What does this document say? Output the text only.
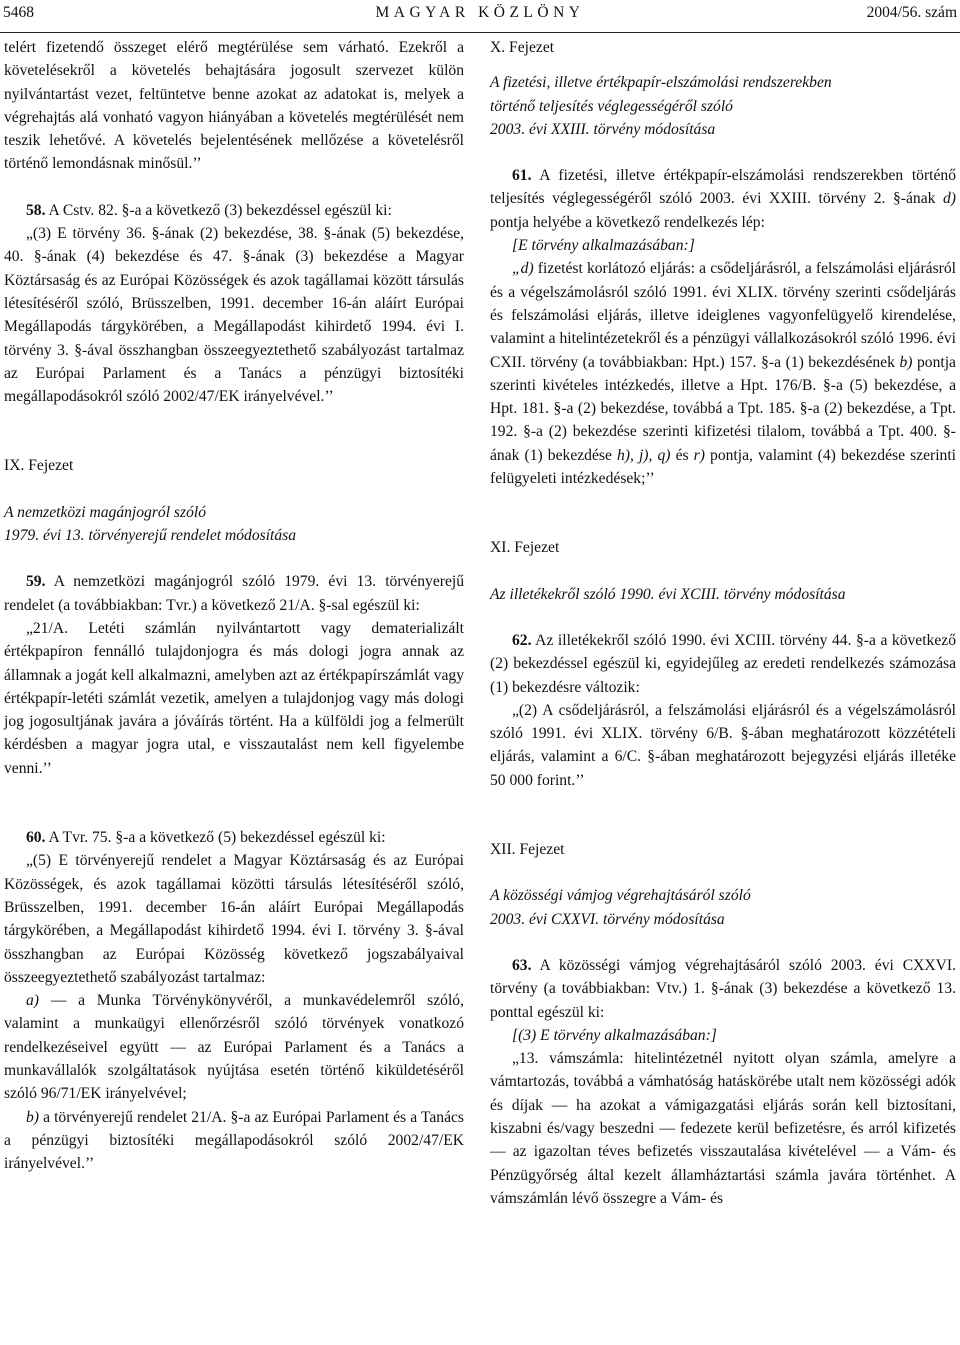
5468	MAGYAR KÖZLÖNY	2004/56. szám

telért fizetendő összeget elérő megtérülése sem várható. Ezekről a követelésekről a követelés behajtására jogosult szervezet külön nyilvántartást vezet, feltüntetve benne azokat az adatokat is, melyek a végrehajtás alá vonható vagyon hiányában a követelés megtérülését nem teszik lehetővé. A követelés bejelentésének mellőzése a követelésről történő lemondásnak minősül.’’

58. A Cstv. 82. §-a a következő (3) bekezdéssel egészül ki:

„(3) E törvény 36. §-ának (2) bekezdése, 38. §-ának (5) bekezdése, 40. §-ának (4) bekezdése és 47. §-ának (3) bekezdése a Magyar Köztársaság és az Európai Közösségek és azok tagállamai között társulás létesítéséről szóló, Brüsszelben, 1991. december 16-án aláírt Európai Megállapodás tárgykörében, a Megállapodást kihirdető 1994. évi I. törvény 3. §-ával összhangban összeegyeztethető szabályozást tartalmaz az Európai Parlament és a Tanács a pénzügyi biztosítéki megállapodásokról szóló 2002/47/EK irányelvével.’’

IX. Fejezet

A nemzetközi magánjogról szóló

1979. évi 13. törvényerejű rendelet módosítása

59. A nemzetközi magánjogról szóló 1979. évi 13. törvényerejű rendelet (a továbbiakban: Tvr.) a következő 21/A. §-sal egészül ki:

„21/A. Letéti számlán nyilvántartott vagy dematerializált értékpapíron fennálló tulajdonjogra és más dologi jogra annak az államnak a jogát kell alkalmazni, amelyben azt az értékpapírszámlát vagy értékpapír-letéti számlát vezetik, amelyen a tulajdonjog vagy más dologi jog jogosultjának javára a jóváírás történt. Ha a külföldi jog a felmerült kérdésben a magyar jogra utal, e visszautalást nem kell figyelembe venni.’’

60. A Tvr. 75. §-a a következő (5) bekezdéssel egészül ki:

„(5) E törvényerejű rendelet a Magyar Köztársaság és az Európai Közösségek, és azok tagállamai közötti társulás létesítéséről szóló, Brüsszelben, 1991. december 16-án aláírt Európai Megállapodás tárgykörében, a Megállapodást kihirdető 1994. évi I. törvény 3. §-ával összhangban az Európai Közösség következő jogszabályaival összeegyeztethető szabályozást tartalmaz:

a) — a Munka Törvénykönyvéről, a munkavédelemről szóló, valamint a munkaügyi ellenőrzésről szóló törvények vonatkozó rendelkezéseivel együtt — az Európai Parlament és a Tanács a munkavállalók szolgáltatások nyújtása esetén történő kiküldetéséről szóló 96/71/EK irányelvével;

b) a törvényerejű rendelet 21/A. §-a az Európai Parlament és a Tanács a pénzügyi biztosítéki megállapodásokról szóló 2002/47/EK irányelvével.’’

X. Fejezet

A fizetési, illetve értékpapír-elszámolási rendszerekben

történő teljesítés véglegességéről szóló

2003. évi XXIII. törvény módosítása

61. A fizetési, illetve értékpapír-elszámolási rendszerekben történő teljesítés véglegességéről szóló 2003. évi XXIII. törvény 2. §-ának d) pontja helyébe a következő rendelkezés lép:

[E törvény alkalmazásában:]

„d) fizetést korlátozó eljárás: a csődeljárásról, a felszámolási eljárásról és a végelszámolásról szóló 1991. évi XLIX. törvény szerinti csődeljárás és felszámolási eljárás, illetve ideiglenes vagyonfelügyelő kirendelése, valamint a hitelintézetekről és a pénzügyi vállalkozásokról szóló 1996. évi CXII. törvény (a továbbiakban: Hpt.) 157. §-a (1) bekezdésének b) pontja szerinti kivételes intézkedés, illetve a Hpt. 176/B. §-a (5) bekezdése, a Hpt. 181. §-a (2) bekezdése, továbbá a Tpt. 185. §-a (2) bekezdése, a Tpt. 192. §-a (2) bekezdése szerinti kifizetési tilalom, továbbá a Tpt. 400. §-ának (1) bekezdése h), j), q) és r) pontja, valamint (4) bekezdése szerinti felügyeleti intézkedések;’’

XI. Fejezet

Az illetékekről szóló 1990. évi XCIII. törvény módosítása

62. Az illetékekről szóló 1990. évi XCIII. törvény 44. §-a a következő (2) bekezdéssel egészül ki, egyidejűleg az eredeti rendelkezés számozása (1) bekezdésre változik:

„(2) A csődeljárásról, a felszámolási eljárásról és a végelszámolásról szóló 1991. évi XLIX. törvény 6/B. §-ában meghatározott közzétételi eljárás, valamint a 6/C. §-ában meghatározott bejegyzési eljárás illetéke 50 000 forint.’’

XII. Fejezet

A közösségi vámjog végrehajtásáról szóló

2003. évi CXXVI. törvény módosítása

63. A közösségi vámjog végrehajtásáról szóló 2003. évi CXXVI. törvény (a továbbiakban: Vtv.) 1. §-ának (3) bekezdése a következő 13. ponttal egészül ki:

[(3) E törvény alkalmazásában:]

„13. vámszámla: hitelintézetnél nyitott olyan számla, amelyre a vámtartozás, továbbá a vámhatóság hatáskörébe utalt nem közösségi adók és díjak — ha azokat a vámigazgatási eljárás során kell biztosítani, kiszabni és/vagy beszedni — fedezete kerül befizetésre, és arról kifizetés — az igazoltan téves befizetés visszautalása kivételével — a Vám- és Pénzügyőrség által kezelt államháztartási számla javára történhet. A vámszámlán lévő összegre a Vám- és
